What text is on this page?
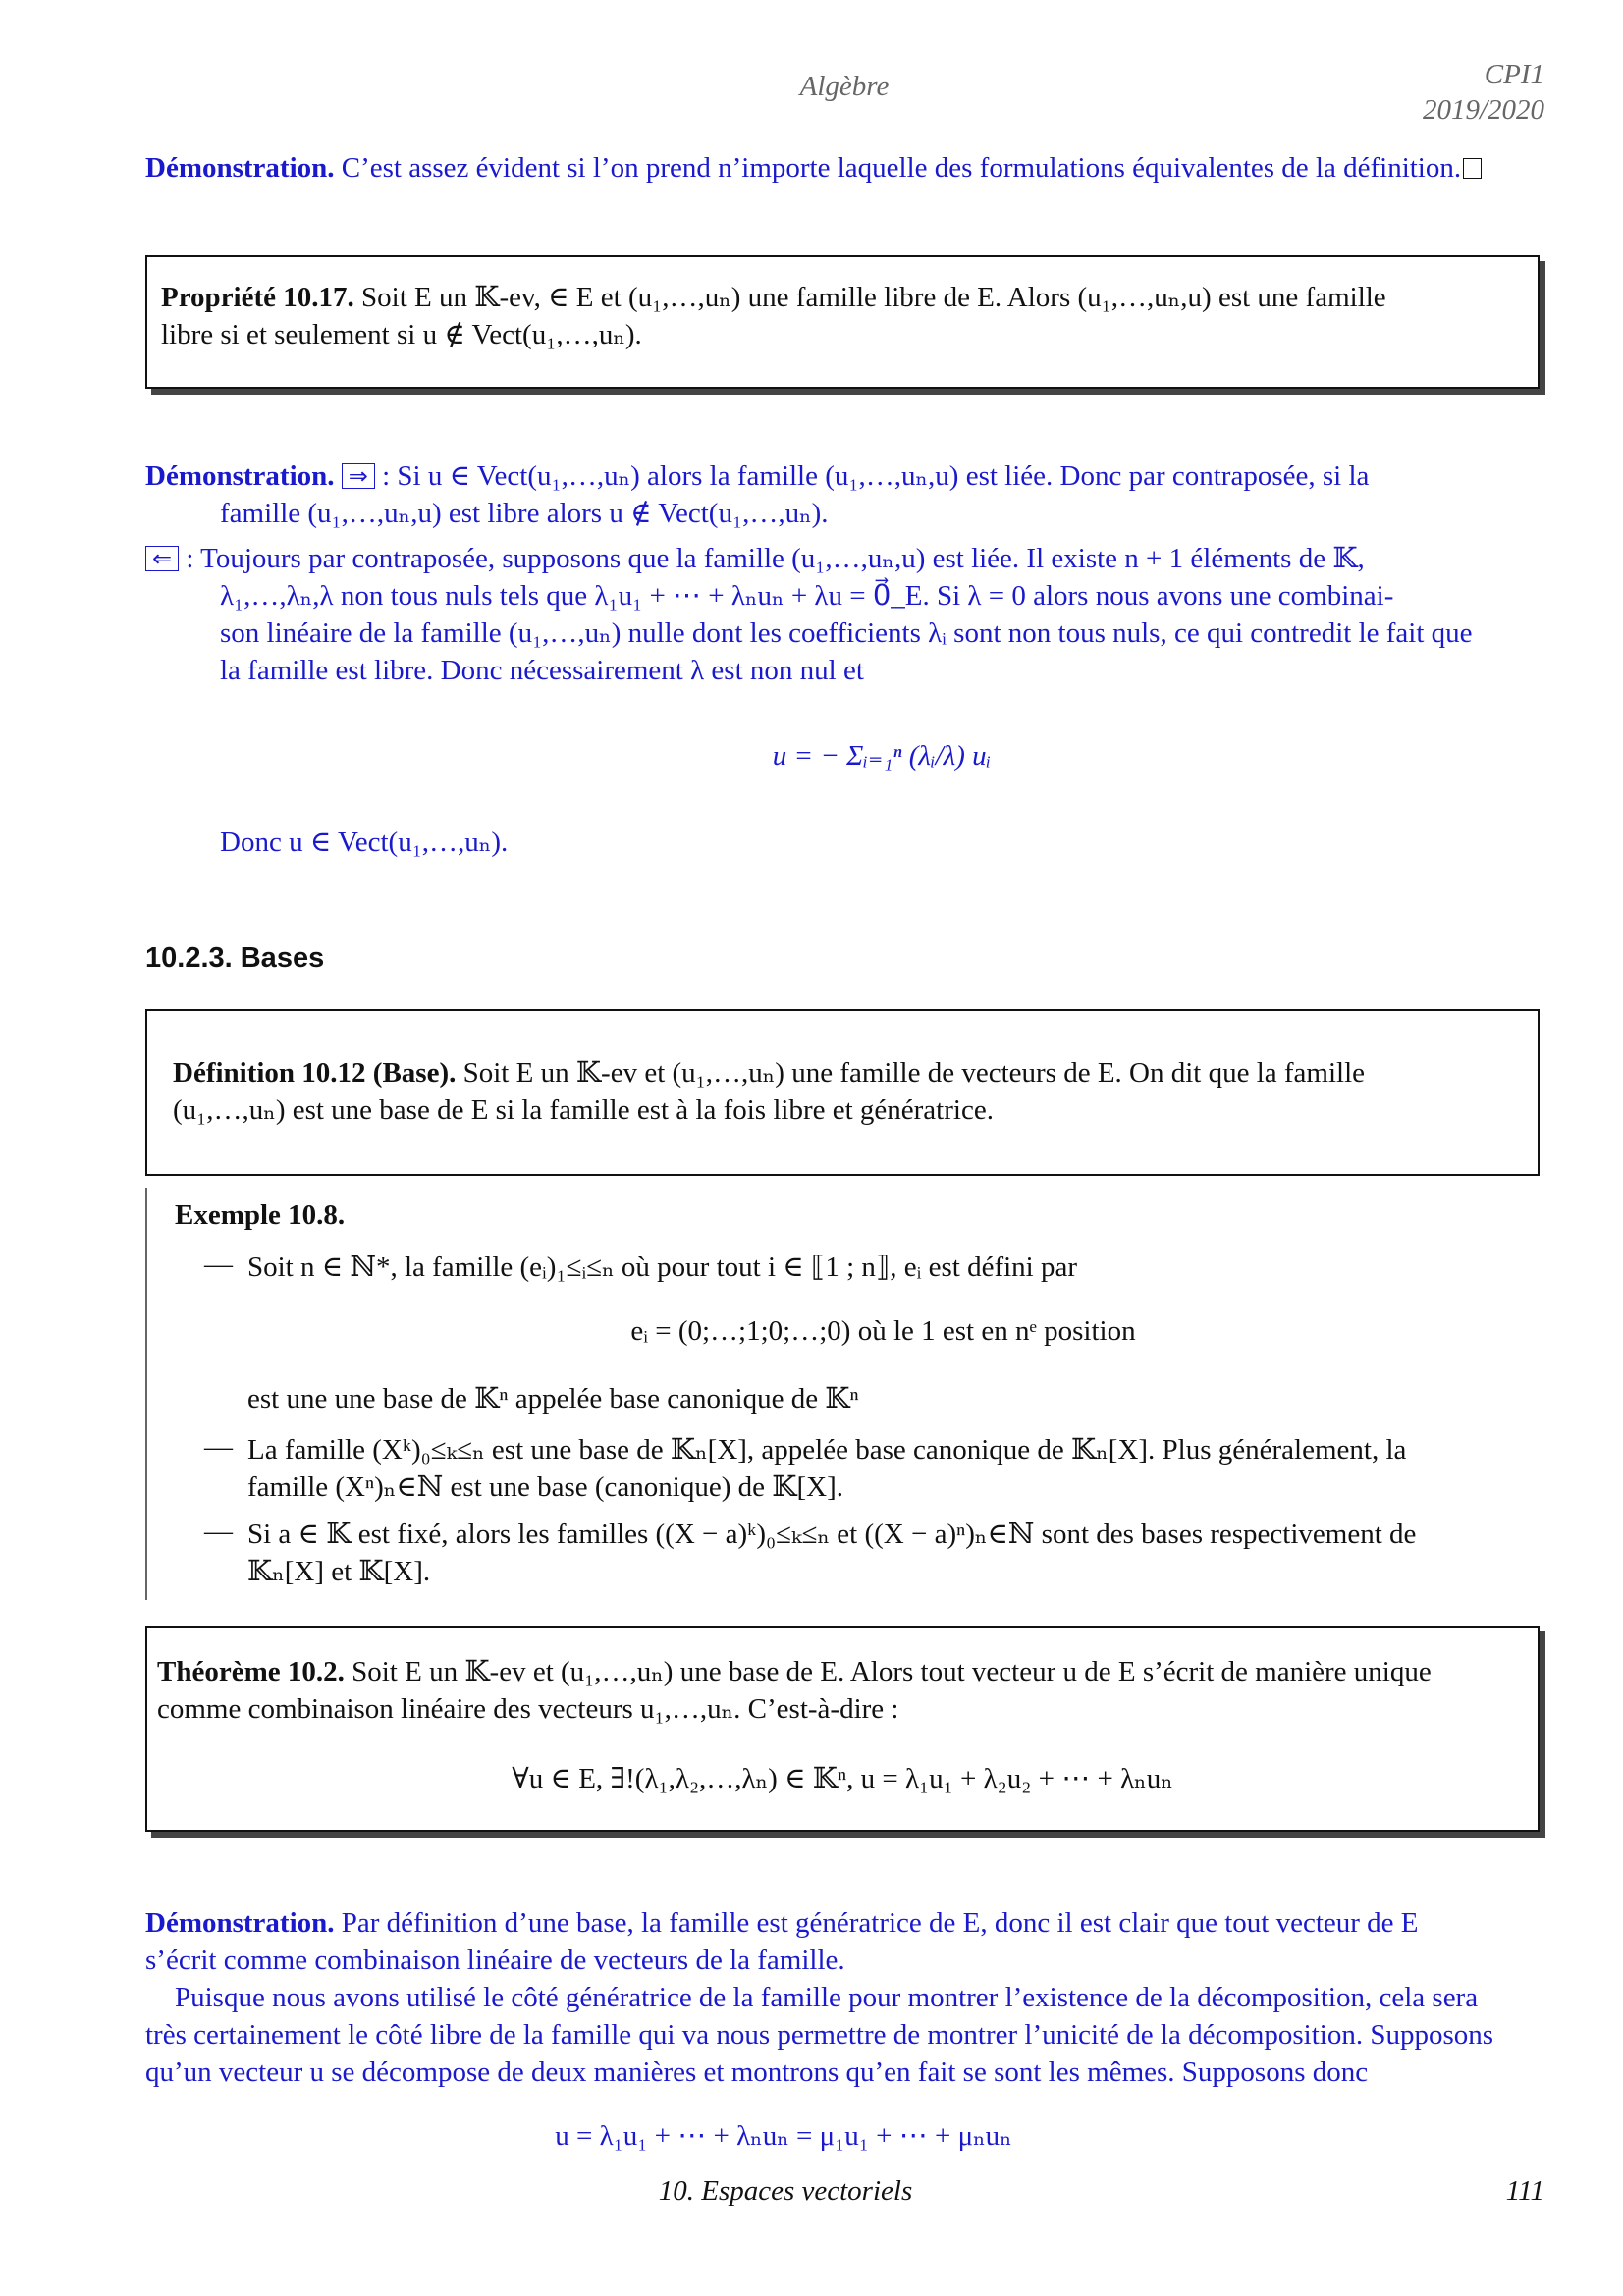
Algèbre	CPI1
2019/2020
Démonstration. C’est assez évident si l’on prend n’importe laquelle des formulations équivalentes de la définition.
Propriété 10.17. Soit E un 𝕂-ev, ∈ E et (u₁,…,uₙ) une famille libre de E. Alors (u₁,…,uₙ,u) est une famille
libre si et seulement si u ∉ Vect(u₁,…,uₙ).
Démonstration. ⇒ : Si u ∈ Vect(u₁,…,uₙ) alors la famille (u₁,…,uₙ,u) est liée. Donc par contraposée, si la
famille (u₁,…,uₙ,u) est libre alors u ∉ Vect(u₁,…,uₙ).
⇐ : Toujours par contraposée, supposons que la famille (u₁,…,uₙ,u) est liée. Il existe n + 1 éléments de 𝕂,
λ₁,…,λₙ,λ non tous nuls tels que λ₁u₁ + ⋯ + λₙuₙ + λu = 0⃗_E. Si λ = 0 alors nous avons une combinai-
son linéaire de la famille (u₁,…,uₙ) nulle dont les coefficients λᵢ sont non tous nuls, ce qui contredit le fait que
la famille est libre. Donc nécessairement λ est non nul et
u = − Σᵢ₌₁ⁿ (λᵢ/λ) uᵢ
Donc u ∈ Vect(u₁,…,uₙ).
10.2.3. Bases
Définition 10.12 (Base). Soit E un 𝕂-ev et (u₁,…,uₙ) une famille de vecteurs de E. On dit que la famille
(u₁,…,uₙ) est une base de E si la famille est à la fois libre et génératrice.
Exemple 10.8.
— Soit n ∈ ℕ*, la famille (eᵢ)₁≤ᵢ≤ₙ où pour tout i ∈ ⟦1 ; n⟧, eᵢ est défini par
eᵢ = (0;…;1;0;…;0) où le 1 est en nᵉ position
est une une base de 𝕂ⁿ appelée base canonique de 𝕂ⁿ
— La famille (Xᵏ)₀≤ₖ≤ₙ est une base de 𝕂ₙ[X], appelée base canonique de 𝕂ₙ[X]. Plus généralement, la
famille (Xⁿ)ₙ∈ℕ est une base (canonique) de 𝕂[X].
— Si a ∈ 𝕂 est fixé, alors les familles ((X − a)ᵏ)₀≤ₖ≤ₙ et ((X − a)ⁿ)ₙ∈ℕ sont des bases respectivement de
𝕂ₙ[X] et 𝕂[X].
Théorème 10.2. Soit E un 𝕂-ev et (u₁,…,uₙ) une base de E. Alors tout vecteur u de E s’écrit de manière unique
comme combinaison linéaire des vecteurs u₁,…,uₙ. C’est-à-dire :
∀u ∈ E, ∃!(λ₁,λ₂,…,λₙ) ∈ 𝕂ⁿ, u = λ₁u₁ + λ₂u₂ + ⋯ + λₙuₙ
Démonstration. Par définition d’une base, la famille est génératrice de E, donc il est clair que tout vecteur de E
s’écrit comme combinaison linéaire de vecteurs de la famille.
Puisque nous avons utilisé le côté génératrice de la famille pour montrer l’existence de la décomposition, cela sera
très certainement le côté libre de la famille qui va nous permettre de montrer l’unicité de la décomposition. Supposons
qu’un vecteur u se décompose de deux manières et montrons qu’en fait se sont les mêmes. Supposons donc
u = λ₁u₁ + ⋯ + λₙuₙ = μ₁u₁ + ⋯ + μₙuₙ
10. Espaces vectoriels	111
